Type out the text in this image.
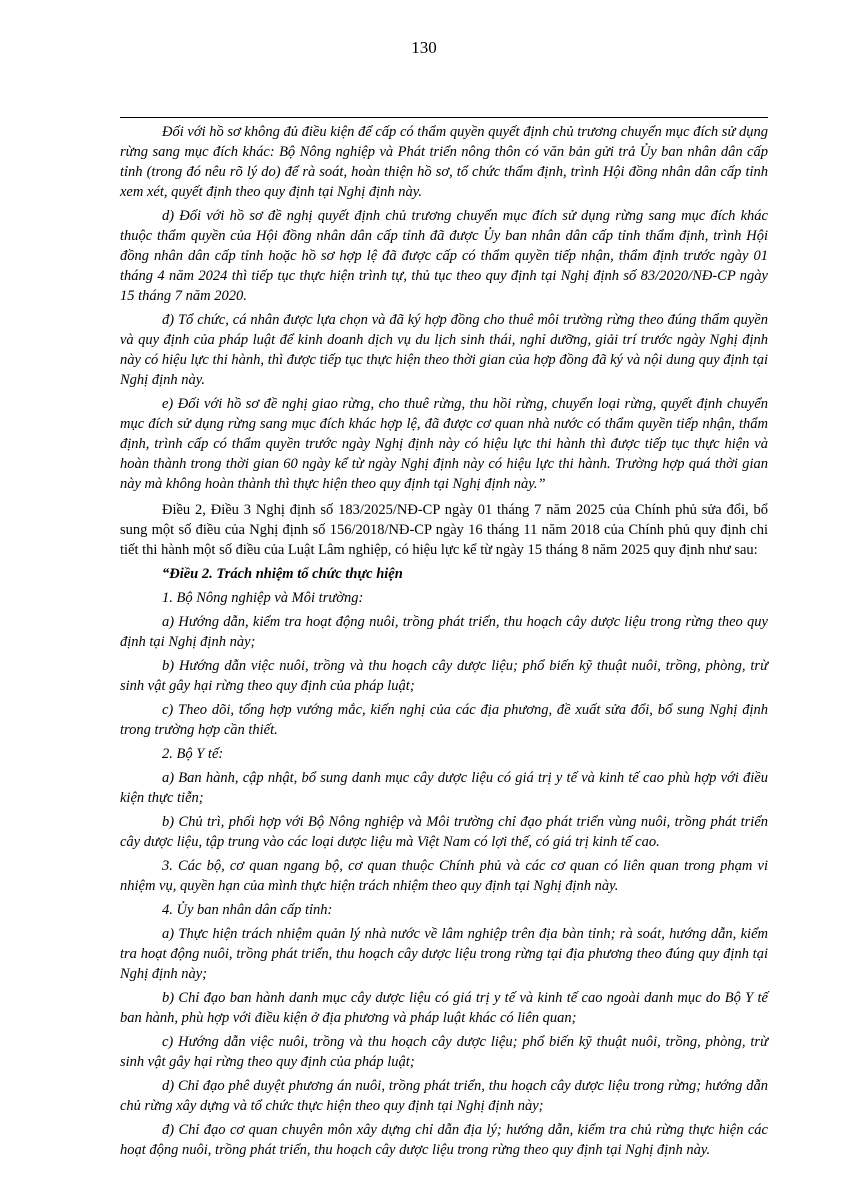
130

Đối với hồ sơ không đủ điều kiện để cấp có thẩm quyền quyết định chủ trương chuyển mục đích sử dụng rừng sang mục đích khác: Bộ Nông nghiệp và Phát triển nông thôn có văn bản gửi trả Ủy ban nhân dân cấp tỉnh (trong đó nêu rõ lý do) để rà soát, hoàn thiện hồ sơ, tổ chức thẩm định, trình Hội đồng nhân dân cấp tỉnh xem xét, quyết định theo quy định tại Nghị định này.

d) Đối với hồ sơ đề nghị quyết định chủ trương chuyển mục đích sử dụng rừng sang mục đích khác thuộc thẩm quyền của Hội đồng nhân dân cấp tỉnh đã được Ủy ban nhân dân cấp tỉnh thẩm định, trình Hội đồng nhân dân cấp tỉnh hoặc hồ sơ hợp lệ đã được cấp có thẩm quyền tiếp nhận, thẩm định trước ngày 01 tháng 4 năm 2024 thì tiếp tục thực hiện trình tự, thủ tục theo quy định tại Nghị định số 83/2020/NĐ-CP ngày 15 tháng 7 năm 2020.

đ) Tổ chức, cá nhân được lựa chọn và đã ký hợp đồng cho thuê môi trường rừng theo đúng thẩm quyền và quy định của pháp luật để kinh doanh dịch vụ du lịch sinh thái, nghỉ dưỡng, giải trí trước ngày Nghị định này có hiệu lực thi hành, thì được tiếp tục thực hiện theo thời gian của hợp đồng đã ký và nội dung quy định tại Nghị định này.

e) Đối với hồ sơ đề nghị giao rừng, cho thuê rừng, thu hồi rừng, chuyển loại rừng, quyết định chuyển mục đích sử dụng rừng sang mục đích khác hợp lệ, đã được cơ quan nhà nước có thẩm quyền tiếp nhận, thẩm định, trình cấp có thẩm quyền trước ngày Nghị định này có hiệu lực thi hành thì được tiếp tục thực hiện và hoàn thành trong thời gian 60 ngày kể từ ngày Nghị định này có hiệu lực thi hành. Trường hợp quá thời gian này mà không hoàn thành thì thực hiện theo quy định tại Nghị định này.”

Điều 2, Điều 3 Nghị định số 183/2025/NĐ-CP ngày 01 tháng 7 năm 2025 của Chính phủ sửa đổi, bổ sung một số điều của Nghị định số 156/2018/NĐ-CP ngày 16 tháng 11 năm 2018 của Chính phủ quy định chi tiết thi hành một số điều của Luật Lâm nghiệp, có hiệu lực kể từ ngày 15 tháng 8 năm 2025 quy định như sau:

“Điều 2. Trách nhiệm tổ chức thực hiện

1. Bộ Nông nghiệp và Môi trường:

a) Hướng dẫn, kiểm tra hoạt động nuôi, trồng phát triển, thu hoạch cây dược liệu trong rừng theo quy định tại Nghị định này;

b) Hướng dẫn việc nuôi, trồng và thu hoạch cây dược liệu; phổ biến kỹ thuật nuôi, trồng, phòng, trừ sinh vật gây hại rừng theo quy định của pháp luật;

c) Theo dõi, tổng hợp vướng mắc, kiến nghị của các địa phương, đề xuất sửa đổi, bổ sung Nghị định trong trường hợp cần thiết.

2. Bộ Y tế:

a) Ban hành, cập nhật, bổ sung danh mục cây dược liệu có giá trị y tế và kinh tế cao phù hợp với điều kiện thực tiễn;

b) Chủ trì, phối hợp với Bộ Nông nghiệp và Môi trường chỉ đạo phát triển vùng nuôi, trồng phát triển cây dược liệu, tập trung vào các loại dược liệu mà Việt Nam có lợi thế, có giá trị kinh tế cao.

3. Các bộ, cơ quan ngang bộ, cơ quan thuộc Chính phủ và các cơ quan có liên quan trong phạm vi nhiệm vụ, quyền hạn của mình thực hiện trách nhiệm theo quy định tại Nghị định này.

4. Ủy ban nhân dân cấp tỉnh:

a) Thực hiện trách nhiệm quản lý nhà nước về lâm nghiệp trên địa bàn tỉnh; rà soát, hướng dẫn, kiểm tra hoạt động nuôi, trồng phát triển, thu hoạch cây dược liệu trong rừng tại địa phương theo đúng quy định tại Nghị định này;

b) Chỉ đạo ban hành danh mục cây dược liệu có giá trị y tế và kinh tế cao ngoài danh mục do Bộ Y tế ban hành, phù hợp với điều kiện ở địa phương và pháp luật khác có liên quan;

c) Hướng dẫn việc nuôi, trồng và thu hoạch cây dược liệu; phổ biến kỹ thuật nuôi, trồng, phòng, trừ sinh vật gây hại rừng theo quy định của pháp luật;

d) Chỉ đạo phê duyệt phương án nuôi, trồng phát triển, thu hoạch cây dược liệu trong rừng; hướng dẫn chủ rừng xây dựng và tổ chức thực hiện theo quy định tại Nghị định này;

đ) Chỉ đạo cơ quan chuyên môn xây dựng chỉ dẫn địa lý; hướng dẫn, kiểm tra chủ rừng thực hiện các hoạt động nuôi, trồng phát triển, thu hoạch cây dược liệu trong rừng theo quy định tại Nghị định này.
